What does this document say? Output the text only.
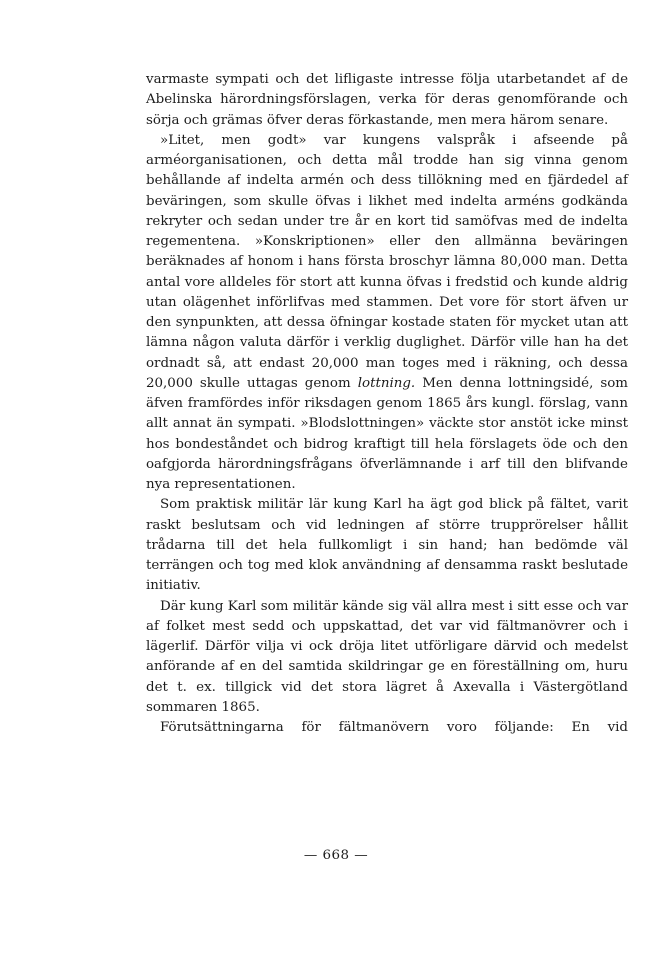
varmaste sympati och det lifligaste intresse följa utarbetandet af de Abelinska härordningsförslagen, verka för deras genomförande och sörja och grämas öfver deras förkastande, men mera härom senare.

»Litet, men godt» var kungens valspråk i afseende på arméorganisationen, och detta mål trodde han sig vinna genom behållande af indelta armén och dess tillökning med en fjärdedel af beväringen, som skulle öfvas i likhet med indelta arméns godkända rekryter och sedan under tre år en kort tid samöfvas med de indelta regementena. »Konskriptionen» eller den allmänna beväringen beräknades af honom i hans första broschyr lämna 80,000 man. Detta antal vore alldeles för stort att kunna öfvas i fredstid och kunde aldrig utan olägenhet införlifvas med stammen. Det vore för stort äfven ur den synpunkten, att dessa öfningar kostade staten för mycket utan att lämna någon valuta därför i verklig duglighet. Därför ville han ha det ordnadt så, att endast 20,000 man toges med i räkning, och dessa 20,000 skulle uttagas genom lottning. Men denna lottningsidé, som äfven framfördes inför riksdagen genom 1865 års kungl. förslag, vann allt annat än sympati. »Blodslottningen» väckte stor anstöt icke minst hos bondeståndet och bidrog kraftigt till hela förslagets öde och den oafgjorda härordningsfrågans öfverlämnande i arf till den blifvande nya representationen.

Som praktisk militär lär kung Karl ha ägt god blick på fältet, varit raskt beslutsam och vid ledningen af större trupprörelser hållit trådarna till det hela fullkomligt i sin hand; han bedömde väl terrängen och tog med klok användning af densamma raskt beslutade initiativ.

Där kung Karl som militär kände sig väl allra mest i sitt esse och var af folket mest sedd och uppskattad, det var vid fältmanövrer och i lägerlif. Därför vilja vi ock dröja litet utförligare därvid och medelst anförande af en del samtida skildringar ge en föreställning om, huru det t. ex. tillgick vid det stora lägret å Axevalla i Västergötland sommaren 1865.

Förutsättningarna för fältmanövern voro följande: En vid

— 668 —
